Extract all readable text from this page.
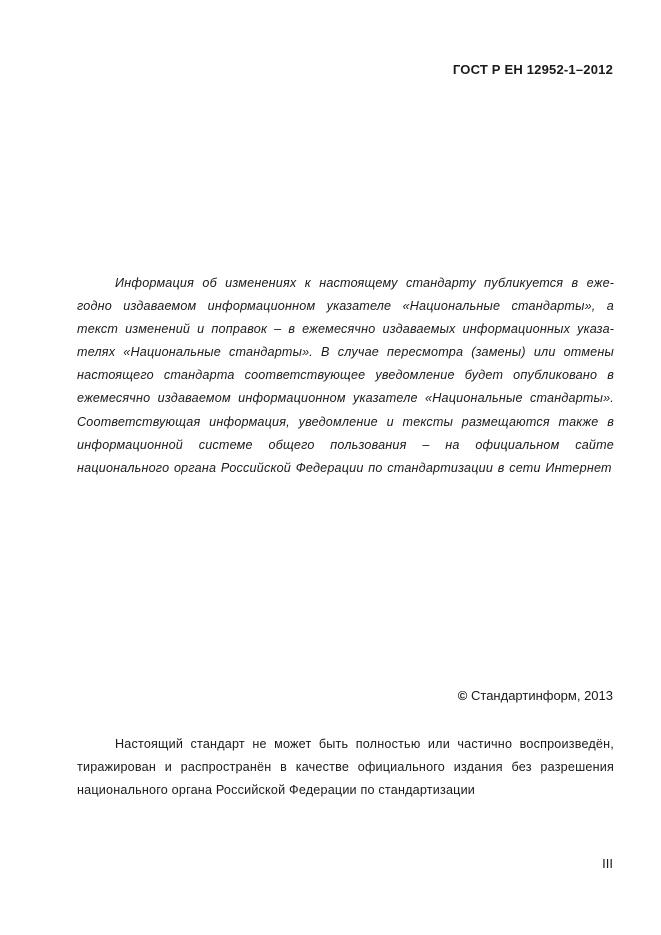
ГОСТ Р ЕН 12952-1–2012

Информация об изменениях к настоящему стандарту публикуется в ежегодно издаваемом информационном указателе «Национальные стандарты», а текст изменений и поправок – в ежемесячно издаваемых информационных указателях «Национальные стандарты». В случае пересмотра (замены) или отмены настоящего стандарта соответствующее уведомление будет опубликовано в ежемесячно издаваемом информационном указателе «Национальные стандарты». Соответствующая информация, уведомление и тексты размещаются также в информационной системе общего пользования – на официальном сайте национального органа Российской Федерации по стандартизации в сети Интернет

© Стандартинформ, 2013

Настоящий стандарт не может быть полностью или частично воспроизведён, тиражирован и распространён в качестве официального издания без разрешения национального органа Российской Федерации по стандартизации

III
